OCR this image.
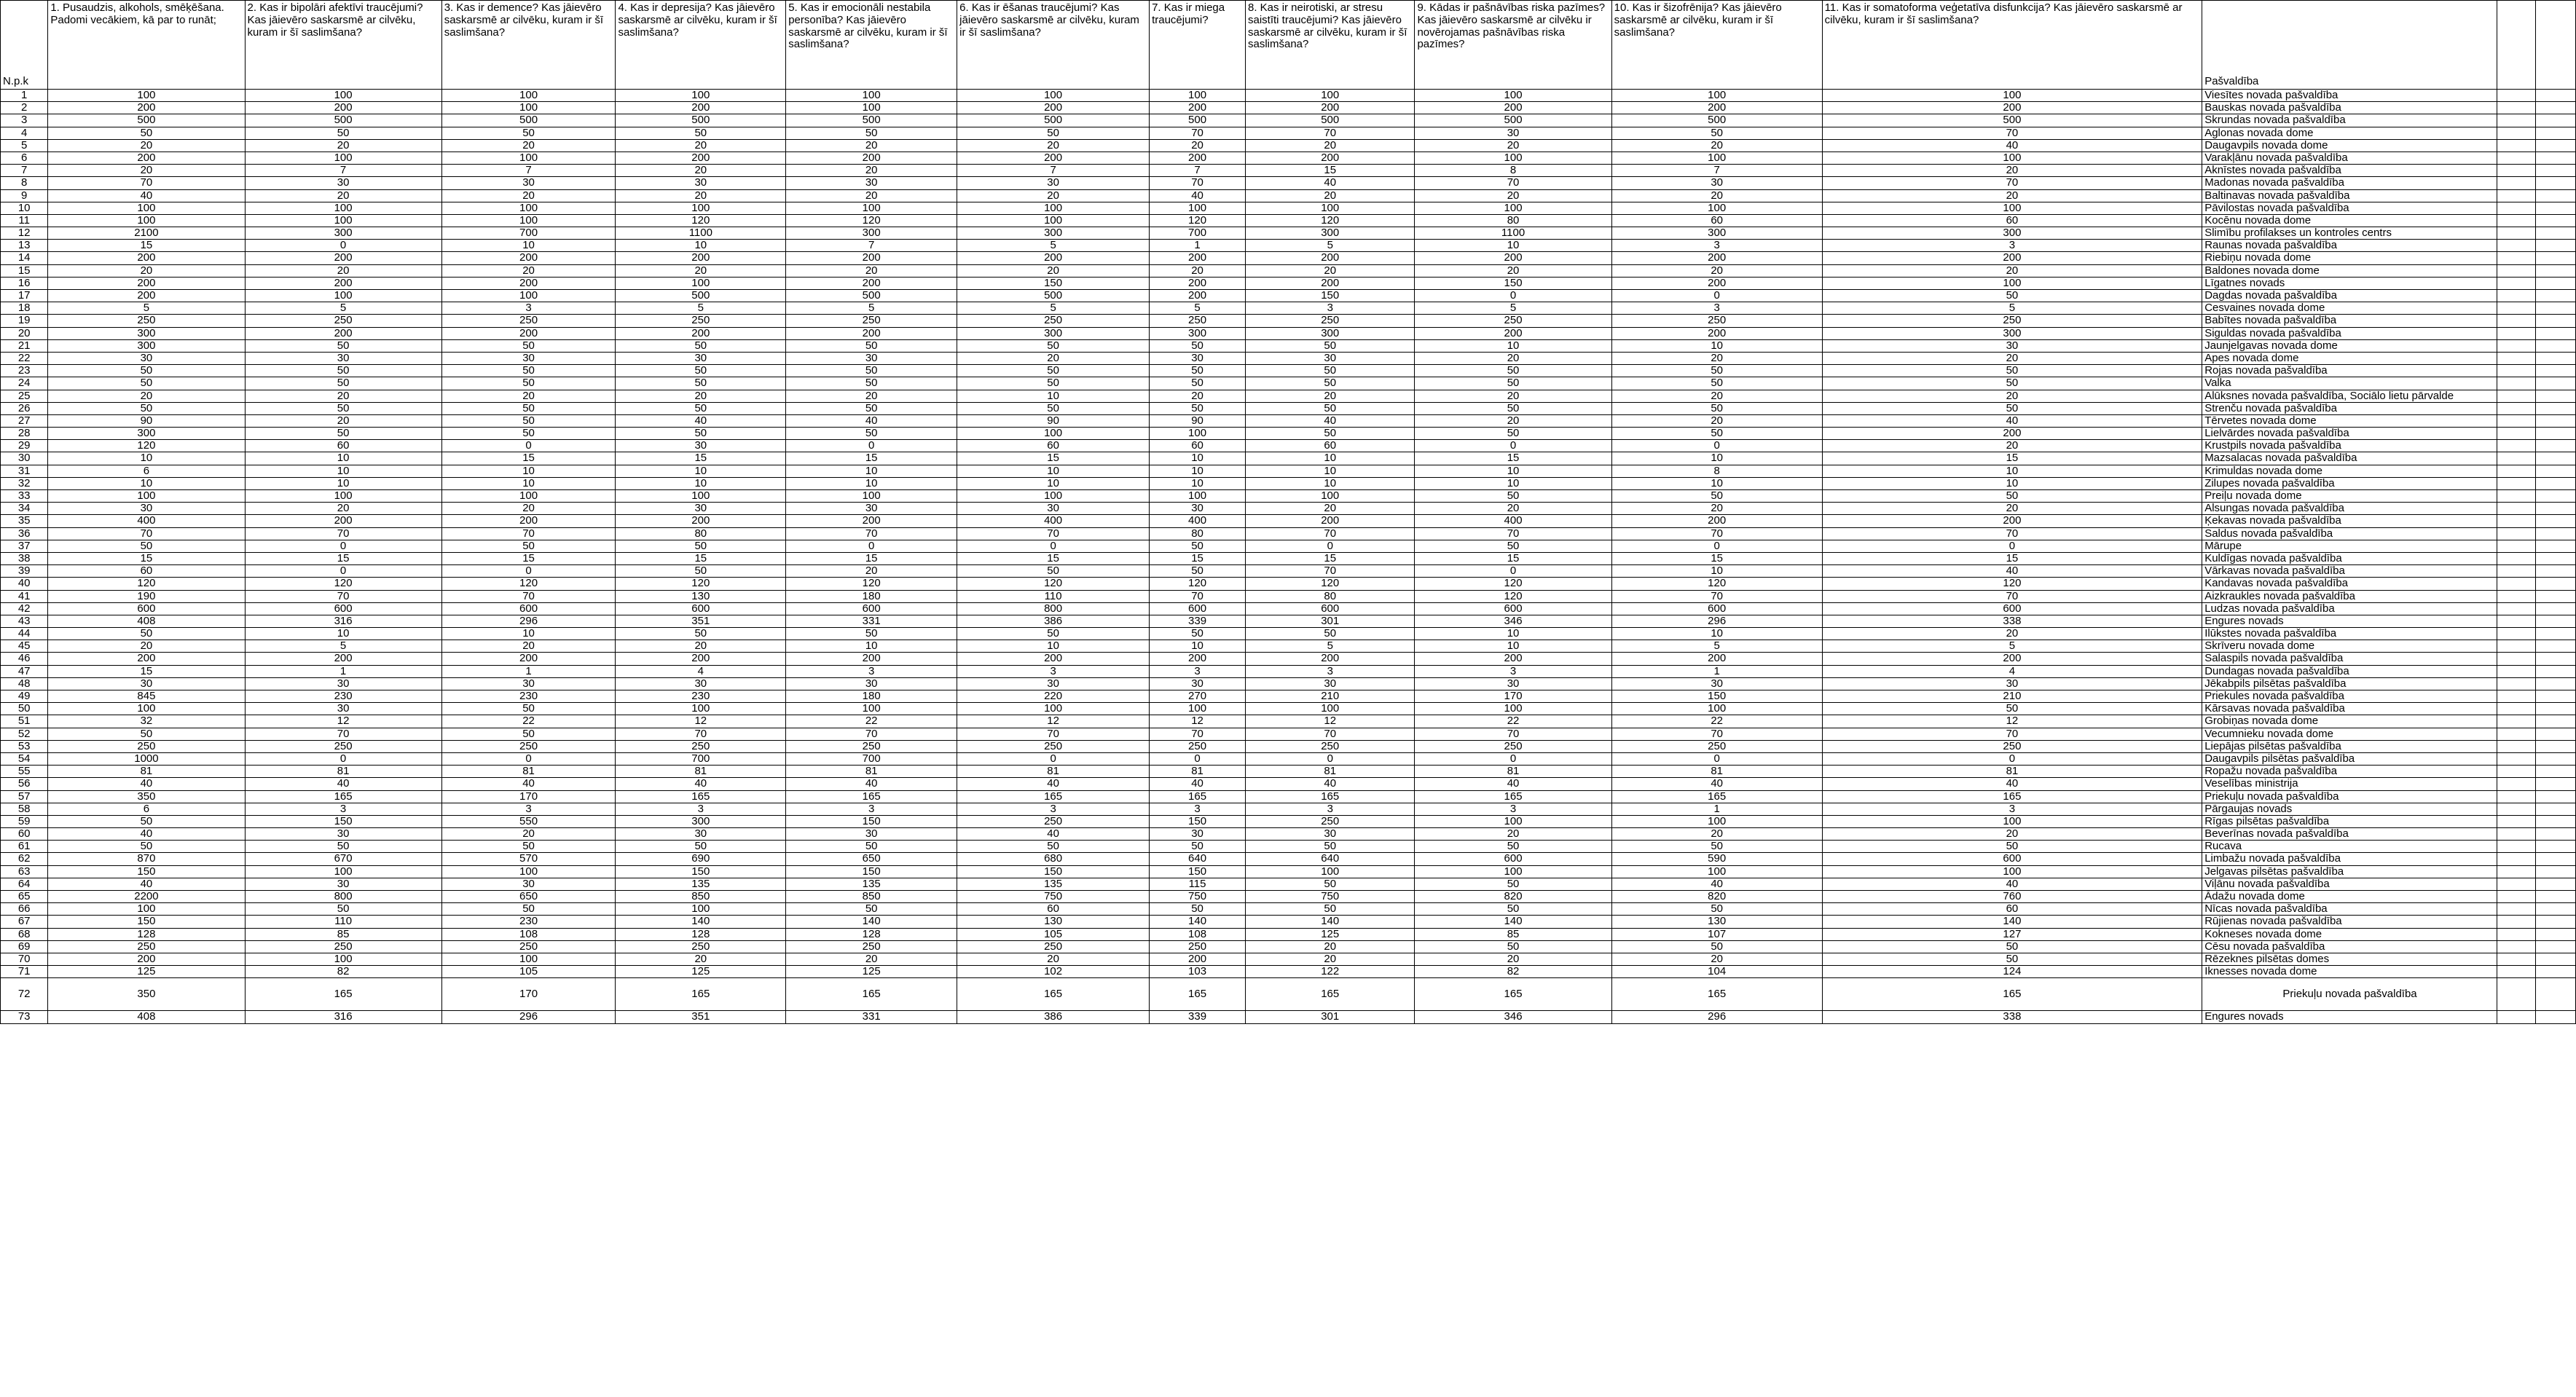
N.p.k	1. Pusaudzis, alkohols, smēķēšana. Padomi vecākiem, kā par to runāt;	2. Kas ir bipolāri afektīvi traucējumi? Kas jāievēro saskarsmē ar cilvēku, kuram ir šī saslimšana?	3. Kas ir demence? Kas jāievēro saskarsmē ar cilvēku, kuram ir šī saslimšana?	4. Kas ir depresija? Kas jāievēro saskarsmē ar cilvēku, kuram ir šī saslimšana?	5. Kas ir emocionāli nestabila personība? Kas jāievēro saskarsmē ar cilvēku, kuram ir šī saslimšana?	6. Kas ir ēšanas traucējumi? Kas jāievēro saskarsmē ar cilvēku, kuram ir šī saslimšana?	7. Kas ir miega traucējumi?	8. Kas ir neirotiski, ar stresu saistīti traucējumi? Kas jāievēro saskarsmē ar cilvēku, kuram ir šī saslimšana?	9. Kādas ir pašnāvības riska pazīmes? Kas jāievēro saskarsmē ar cilvēku ir novērojamas pašnāvības riska pazīmes?	10. Kas ir šizofrēnija? Kas jāievēro saskarsmē ar cilvēku, kuram ir šī saslimšana?	11. Kas ir somatoforma veģetatīva disfunkcija? Kas jāievēro saskarsmē ar cilvēku, kuram ir šī saslimšana?	Pašvaldība		
1	100	100	100	100	100	100	100	100	100	100	100	Viesītes novada pašvaldība		
2	200	200	100	200	100	200	200	200	200	200	200	Bauskas novada pašvaldība		
3	500	500	500	500	500	500	500	500	500	500	500	Skrundas novada pašvaldība		
4	50	50	50	50	50	50	70	70	30	50	70	Aglonas novada dome		
5	20	20	20	20	20	20	20	20	20	20	40	Daugavpils novada dome		
6	200	100	100	200	200	200	200	200	100	100	100	Varakļānu novada pašvaldība		
7	20	7	7	20	20	7	7	15	8	7	20	Aknīstes novada pašvaldība		
8	70	30	30	30	30	30	70	40	70	30	70	Madonas novada pašvaldība		
9	40	20	20	20	20	20	40	20	20	20	20	Baltinavas novada pašvaldība		
10	100	100	100	100	100	100	100	100	100	100	100	Pāvilostas novada pašvaldība		
11	100	100	100	120	120	100	120	120	80	60	60	Kocēnu novada dome		
12	2100	300	700	1100	300	300	700	300	1100	300	300	Slimību profilakses un kontroles centrs		
13	15	0	10	10	7	5	1	5	10	3	3	Raunas novada pašvaldība		
14	200	200	200	200	200	200	200	200	200	200	200	Riebiņu novada dome		
15	20	20	20	20	20	20	20	20	20	20	20	Baldones novada dome		
16	200	200	200	100	200	150	200	200	150	200	100	Līgatnes novads		
17	200	100	100	500	500	500	200	150	0	0	50	Dagdas novada pašvaldība		
18	5	5	3	5	5	5	5	3	5	3	5	Cesvaines novada dome		
19	250	250	250	250	250	250	250	250	250	250	250	Babītes novada pašvaldība		
20	300	200	200	200	200	300	300	300	200	200	300	Siguldas novada pašvaldība		
21	300	50	50	50	50	50	50	50	10	10	30	Jaunjelgavas novada dome		
22	30	30	30	30	30	20	30	30	20	20	20	Apes novada dome		
23	50	50	50	50	50	50	50	50	50	50	50	Rojas novada pašvaldība		
24	50	50	50	50	50	50	50	50	50	50	50	Valka		
25	20	20	20	20	20	10	20	20	20	20	20	Alūksnes novada pašvaldība, Sociālo lietu pārvalde		
26	50	50	50	50	50	50	50	50	50	50	50	Strenču novada pašvaldība		
27	90	20	50	40	40	90	90	40	20	20	40	Tērvetes novada dome		
28	300	50	50	50	50	100	100	50	50	50	200	Lielvārdes novada pašvaldība		
29	120	60	0	30	0	60	60	60	0	0	20	Krustpils novada pašvaldība		
30	10	10	15	15	15	15	10	10	15	10	15	Mazsalacas novada pašvaldība		
31	6	10	10	10	10	10	10	10	10	8	10	Krimuldas novada dome		
32	10	10	10	10	10	10	10	10	10	10	10	Zilupes novada pašvaldība		
33	100	100	100	100	100	100	100	100	50	50	50	Preiļu novada dome		
34	30	20	20	30	30	30	30	20	20	20	20	Alsungas novada pašvaldība		
35	400	200	200	200	200	400	400	200	400	200	200	Ķekavas novada pašvaldība		
36	70	70	70	80	70	70	80	70	70	70	70	Saldus novada pašvaldība		
37	50	0	50	50	0	0	50	0	50	0	0	Mārupe		
38	15	15	15	15	15	15	15	15	15	15	15	Kuldīgas novada pašvaldība		
39	60	0	0	50	20	50	50	70	0	10	40	Vārkavas novada pašvaldība		
40	120	120	120	120	120	120	120	120	120	120	120	Kandavas novada pašvaldība		
41	190	70	70	130	180	110	70	80	120	70	70	Aizkraukles novada pašvaldība		
42	600	600	600	600	600	800	600	600	600	600	600	Ludzas novada pašvaldība		
43	408	316	296	351	331	386	339	301	346	296	338	Engures novads		
44	50	10	10	50	50	50	50	50	10	10	20	Ilūkstes novada pašvaldība		
45	20	5	20	20	10	10	10	5	10	5	5	Skrīveru novada dome		
46	200	200	200	200	200	200	200	200	200	200	200	Salaspils novada pašvaldība		
47	15	1	1	4	3	3	3	3	3	1	4	Dundagas novada pašvaldība		
48	30	30	30	30	30	30	30	30	30	30	30	Jēkabpils pilsētas pašvaldība		
49	845	230	230	230	180	220	270	210	170	150	210	Priekules novada pašvaldība		
50	100	30	50	100	100	100	100	100	100	100	50	Kārsavas novada pašvaldība		
51	32	12	22	12	22	12	12	12	22	22	12	Grobiņas novada dome		
52	50	70	50	70	70	70	70	70	70	70	70	Vecumnieku novada dome		
53	250	250	250	250	250	250	250	250	250	250	250	Liepājas pilsētas pašvaldība		
54	1000	0	0	700	700	0	0	0	0	0	0	Daugavpils pilsētas pašvaldība		
55	81	81	81	81	81	81	81	81	81	81	81	Ropažu novada pašvaldība		
56	40	40	40	40	40	40	40	40	40	40	40	Veselības ministrija		
57	350	165	170	165	165	165	165	165	165	165	165	Priekuļu novada pašvaldība		
58	6	3	3	3	3	3	3	3	3	1	3	Pārgaujas novads		
59	50	150	550	300	150	250	150	250	100	100	100	Rīgas pilsētas pašvaldība		
60	40	30	20	30	30	40	30	30	20	20	20	Beverīnas novada pašvaldība		
61	50	50	50	50	50	50	50	50	50	50	50	Rucava		
62	870	670	570	690	650	680	640	640	600	590	600	Limbažu novada pašvaldība		
63	150	100	100	150	150	150	150	100	100	100	100	Jelgavas pilsētas pašvaldība		
64	40	30	30	135	135	135	115	50	50	40	40	Viļānu novada pašvaldība		
65	2200	800	650	850	850	750	750	750	820	820	760	Ādažu novada dome		
66	100	50	50	100	50	60	50	50	50	50	60	Nīcas novada pašvaldība		
67	150	110	230	140	140	130	140	140	140	130	140	Rūjienas novada pašvaldība		
68	128	85	108	128	128	105	108	125	85	107	127	Kokneses novada dome		
69	250	250	250	250	250	250	250	20	50	50	50	Cēsu novada pašvaldība		
70	200	100	100	20	20	20	200	20	20	20	50	Rēzeknes pilsētas domes		
71	125	82	105	125	125	102	103	122	82	104	124	Iknesses novada dome		
72	350	165	170	165	165	165	165	165	165	165	165	Priekuļu novada pašvaldība		
73	408	316	296	351	331	386	339	301	346	296	338	Engures novads		
